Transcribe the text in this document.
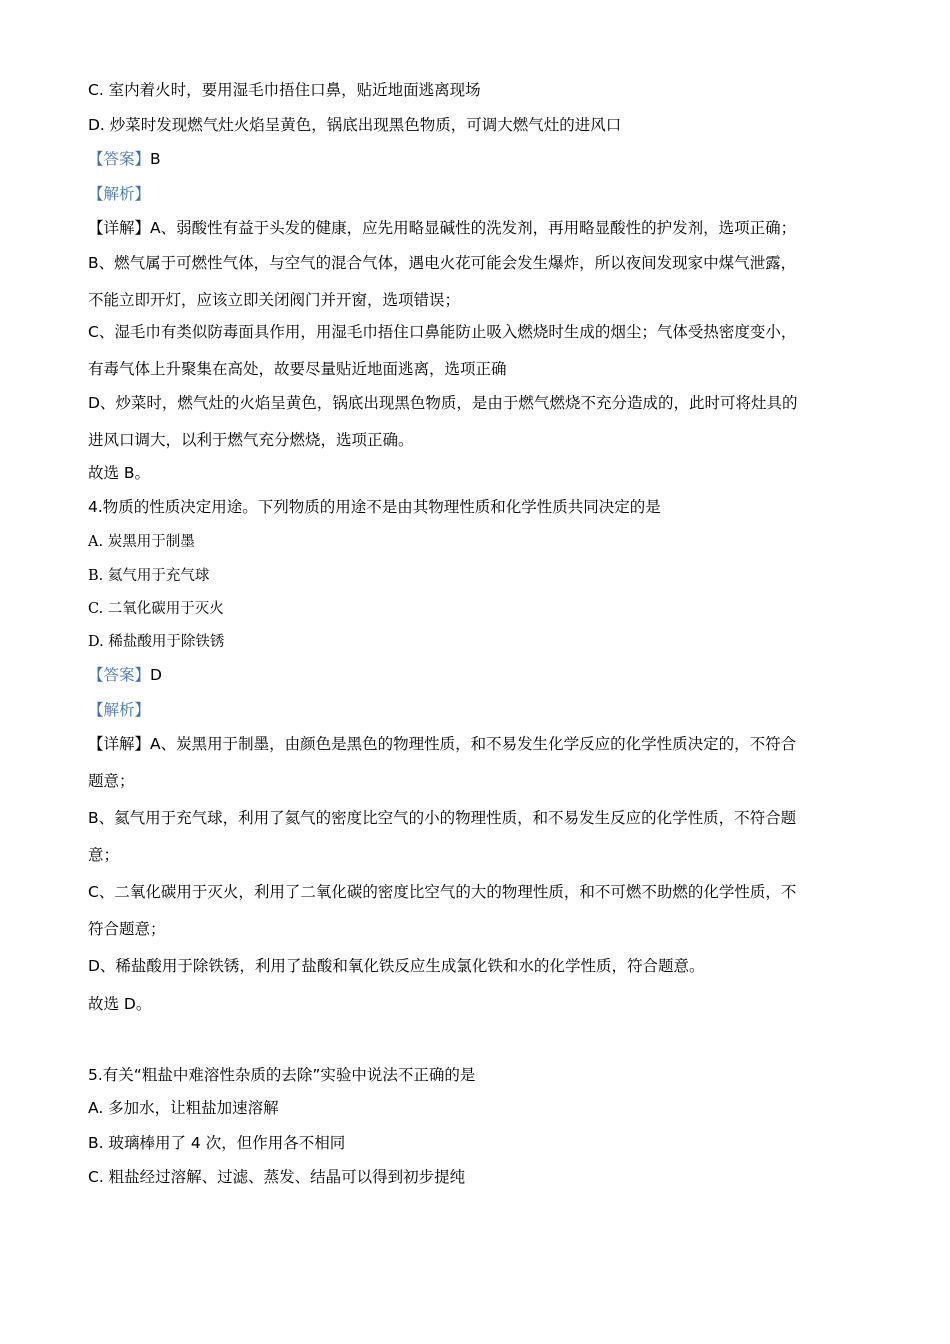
C. 室内着火时，要用湿毛巾捂住口鼻，贴近地面逃离现场
D. 炒菜时发现燃气灶火焰呈黄色，锅底出现黑色物质，可调大燃气灶的进风口
【答案】B
【解析】
【详解】A、弱酸性有益于头发的健康，应先用略显碱性的洗发剂，再用略显酸性的护发剂，选项正确；
B、燃气属于可燃性气体，与空气的混合气体，遇电火花可能会发生爆炸，所以夜间发现家中煤气泄露，
不能立即开灯，应该立即关闭阀门并开窗，选项错误；
C、湿毛巾有类似防毒面具作用，用湿毛巾捂住口鼻能防止吸入燃烧时生成的烟尘；气体受热密度变小，
有毒气体上升聚集在高处，故要尽量贴近地面逃离，选项正确
D、炒菜时，燃气灶的火焰呈黄色，锅底出现黑色物质，是由于燃气燃烧不充分造成的，此时可将灶具的
进风口调大，以利于燃气充分燃烧，选项正确。
故选 B。
4.物质的性质决定用途。下列物质的用途不是由其物理性质和化学性质共同决定的是
A. 炭黑用于制墨
B. 氦气用于充气球
C. 二氧化碳用于灭火
D. 稀盐酸用于除铁锈
【答案】D
【解析】
【详解】A、炭黑用于制墨，由颜色是黑色的物理性质，和不易发生化学反应的化学性质决定的，不符合
题意；
B、氦气用于充气球，利用了氦气的密度比空气的小的物理性质，和不易发生反应的化学性质，不符合题
意；
C、二氧化碳用于灭火，利用了二氧化碳的密度比空气的大的物理性质，和不可燃不助燃的化学性质，不
符合题意；
D、稀盐酸用于除铁锈，利用了盐酸和氧化铁反应生成氯化铁和水的化学性质，符合题意。
故选 D。
5.有关“粗盐中难溶性杂质的去除”实验中说法不正确的是
A. 多加水，让粗盐加速溶解
B. 玻璃棒用了 4 次，但作用各不相同
C. 粗盐经过溶解、过滤、蒸发、结晶可以得到初步提纯
